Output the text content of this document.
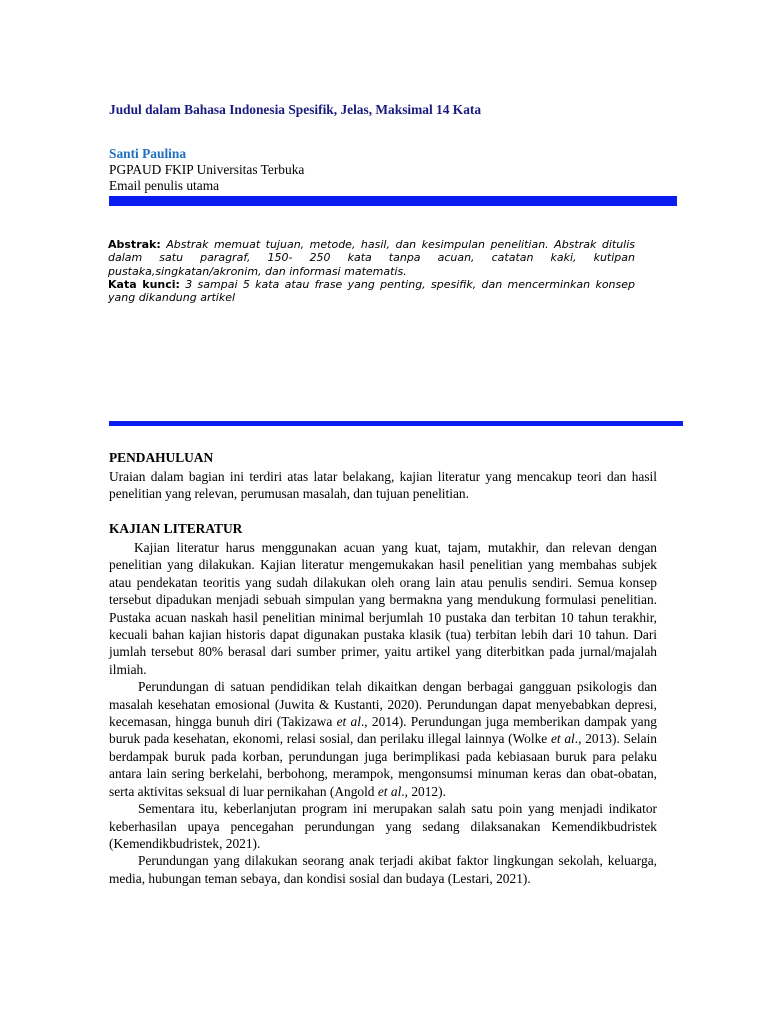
Judul dalam Bahasa Indonesia Spesifik, Jelas, Maksimal 14 Kata
Santi Paulina
PGPAUD FKIP Universitas Terbuka
Email penulis utama

Abstrak: Abstrak memuat tujuan, metode, hasil, dan kesimpulan penelitian. Abstrak ditulis dalam satu paragraf, 150- 250 kata tanpa acuan, catatan kaki, kutipan pustaka,singkatan/akronim, dan informasi matematis.

Kata kunci: 3 sampai 5 kata atau frase yang penting, spesifik, dan mencerminkan konsep yang dikandung artikel

PENDAHULUAN

Uraian dalam bagian ini terdiri atas latar belakang, kajian literatur yang mencakup teori dan hasil penelitian yang relevan, perumusan masalah, dan tujuan penelitian.

KAJIAN LITERATUR

Kajian literatur harus menggunakan acuan yang kuat, tajam, mutakhir, dan relevan dengan penelitian yang dilakukan. Kajian literatur mengemukakan hasil penelitian yang membahas subjek atau pendekatan teoritis yang sudah dilakukan oleh orang lain atau penulis sendiri. Semua konsep tersebut dipadukan menjadi sebuah simpulan yang bermakna yang mendukung formulasi penelitian. Pustaka acuan naskah hasil penelitian minimal berjumlah 10 pustaka dan terbitan 10 tahun terakhir, kecuali bahan kajian historis dapat digunakan pustaka klasik (tua) terbitan lebih dari 10 tahun. Dari jumlah tersebut 80% berasal dari sumber primer, yaitu artikel yang diterbitkan pada jurnal/majalah ilmiah.

Perundungan di satuan pendidikan telah dikaitkan dengan berbagai gangguan psikologis dan masalah kesehatan emosional (Juwita & Kustanti, 2020). Perundungan dapat menyebabkan depresi, kecemasan, hingga bunuh diri (Takizawa et al., 2014). Perundungan juga memberikan dampak yang buruk pada kesehatan, ekonomi, relasi sosial, dan perilaku illegal lainnya (Wolke et al., 2013). Selain berdampak buruk pada korban, perundungan juga berimplikasi pada kebiasaan buruk para pelaku antara lain sering berkelahi, berbohong, merampok, mengonsumsi minuman keras dan obat-obatan, serta aktivitas seksual di luar pernikahan (Angold et al., 2012).

Sementara itu, keberlanjutan program ini merupakan salah satu poin yang menjadi indikator keberhasilan upaya pencegahan perundungan yang sedang dilaksanakan Kemendikbudristek (Kemendikbudristek, 2021).

Perundungan yang dilakukan seorang anak terjadi akibat faktor lingkungan sekolah, keluarga, media, hubungan teman sebaya, dan kondisi sosial dan budaya (Lestari, 2021).
